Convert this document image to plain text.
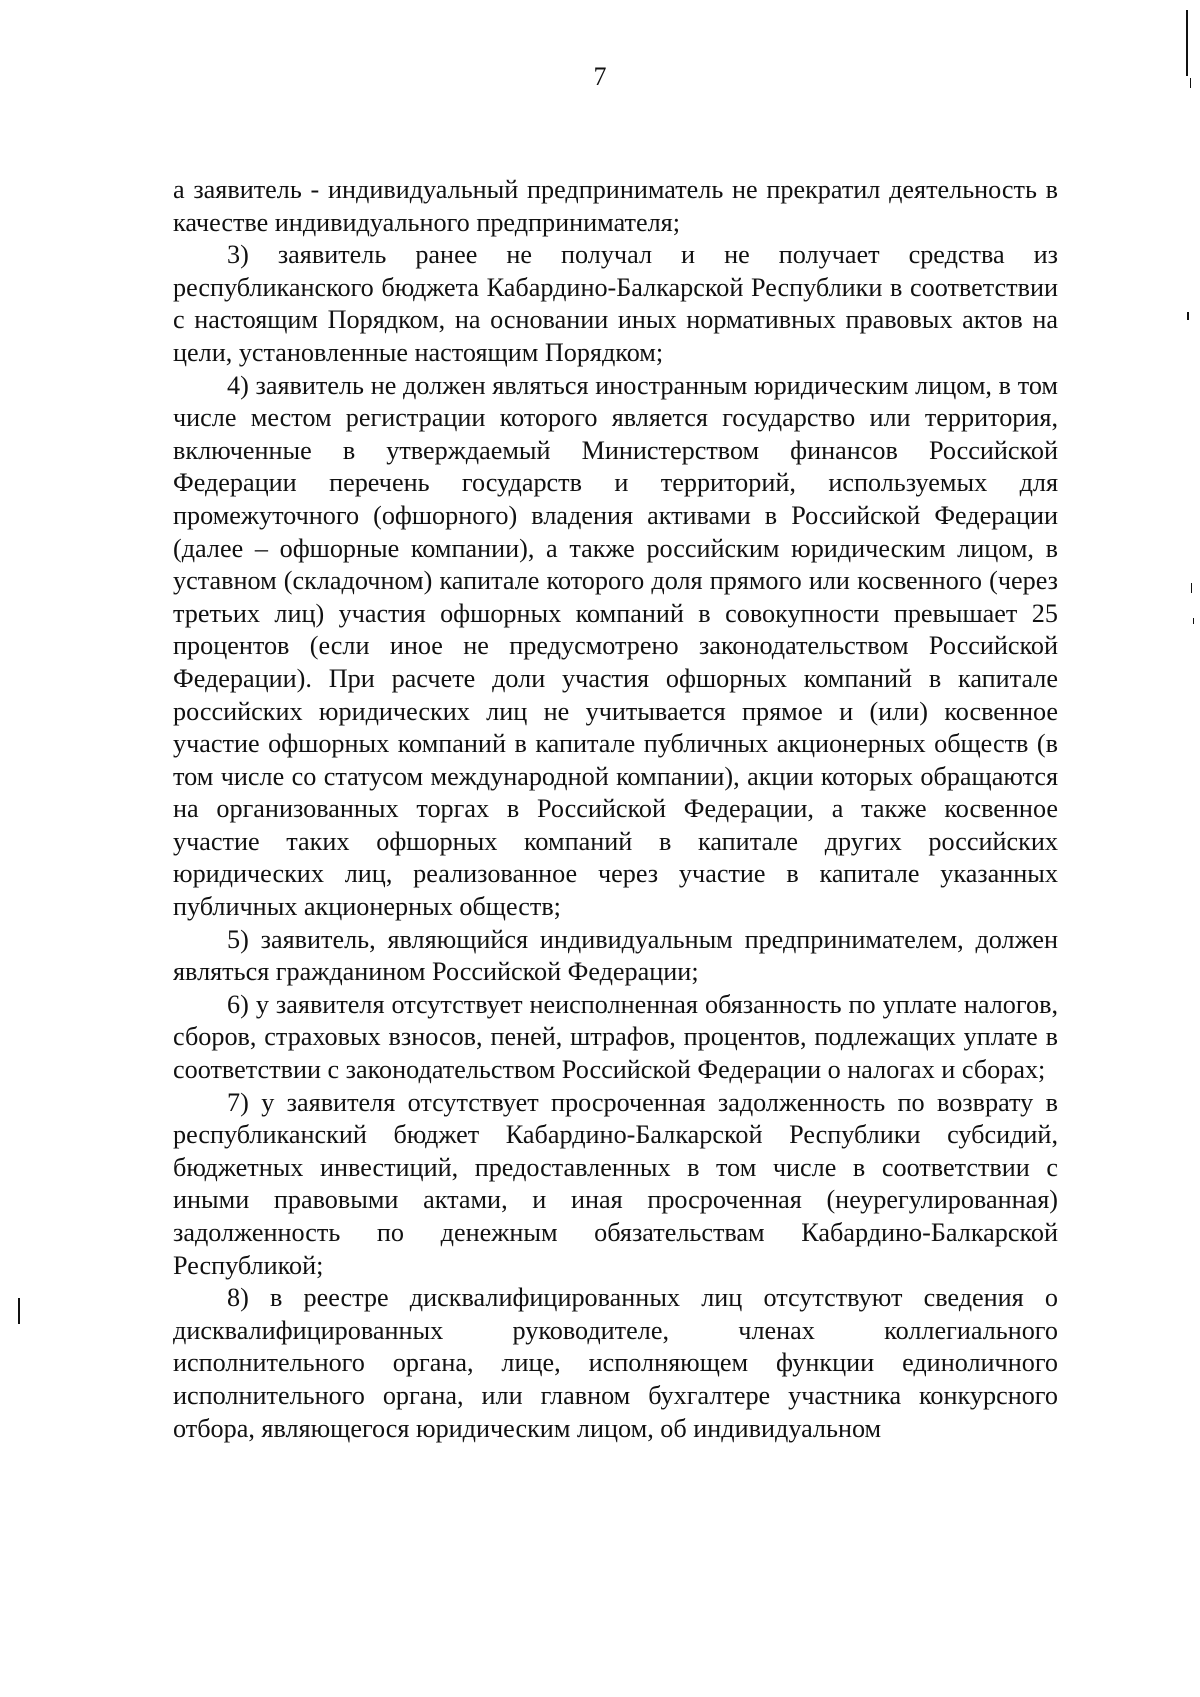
7

а заявитель - индивидуальный предприниматель не прекратил деятельность в качестве индивидуального предпринимателя;

3) заявитель ранее не получал и не получает средства из республиканского бюджета Кабардино-Балкарской Республики в соответствии с настоящим Порядком, на основании иных нормативных правовых актов на цели, установленные настоящим Порядком;

4) заявитель не должен являться иностранным юридическим лицом, в том числе местом регистрации которого является государство или территория, включенные в утверждаемый Министерством финансов Российской Федерации перечень государств и территорий, используемых для промежуточного (офшорного) владения активами в Российской Федерации (далее – офшорные компании), а также российским юридическим лицом, в уставном (складочном) капитале которого доля прямого или косвенного (через третьих лиц) участия офшорных компаний в совокупности превышает 25 процентов (если иное не предусмотрено законодательством Российской Федерации). При расчете доли участия офшорных компаний в капитале российских юридических лиц не учитывается прямое и (или) косвенное участие офшорных компаний в капитале публичных акционерных обществ (в том числе со статусом международной компании), акции которых обращаются на организованных торгах в Российской Федерации, а также косвенное участие таких офшорных компаний в капитале других российских юридических лиц, реализованное через участие в капитале указанных публичных акционерных обществ;

5) заявитель, являющийся индивидуальным предпринимателем, должен являться гражданином Российской Федерации;

6) у заявителя отсутствует неисполненная обязанность по уплате налогов, сборов, страховых взносов, пеней, штрафов, процентов, подлежащих уплате в соответствии с законодательством Российской Федерации о налогах и сборах;

7) у заявителя отсутствует просроченная задолженность по возврату в республиканский бюджет Кабардино-Балкарской Республики субсидий, бюджетных инвестиций, предоставленных в том числе в соответствии с иными правовыми актами, и иная просроченная (неурегулированная) задолженность по денежным обязательствам Кабардино-Балкарской Республикой;

8) в реестре дисквалифицированных лиц отсутствуют сведения о дисквалифицированных руководителе, членах коллегиального исполнительного органа, лице, исполняющем функции единоличного исполнительного органа, или главном бухгалтере участника конкурсного отбора, являющегося юридическим лицом, об индивидуальном
